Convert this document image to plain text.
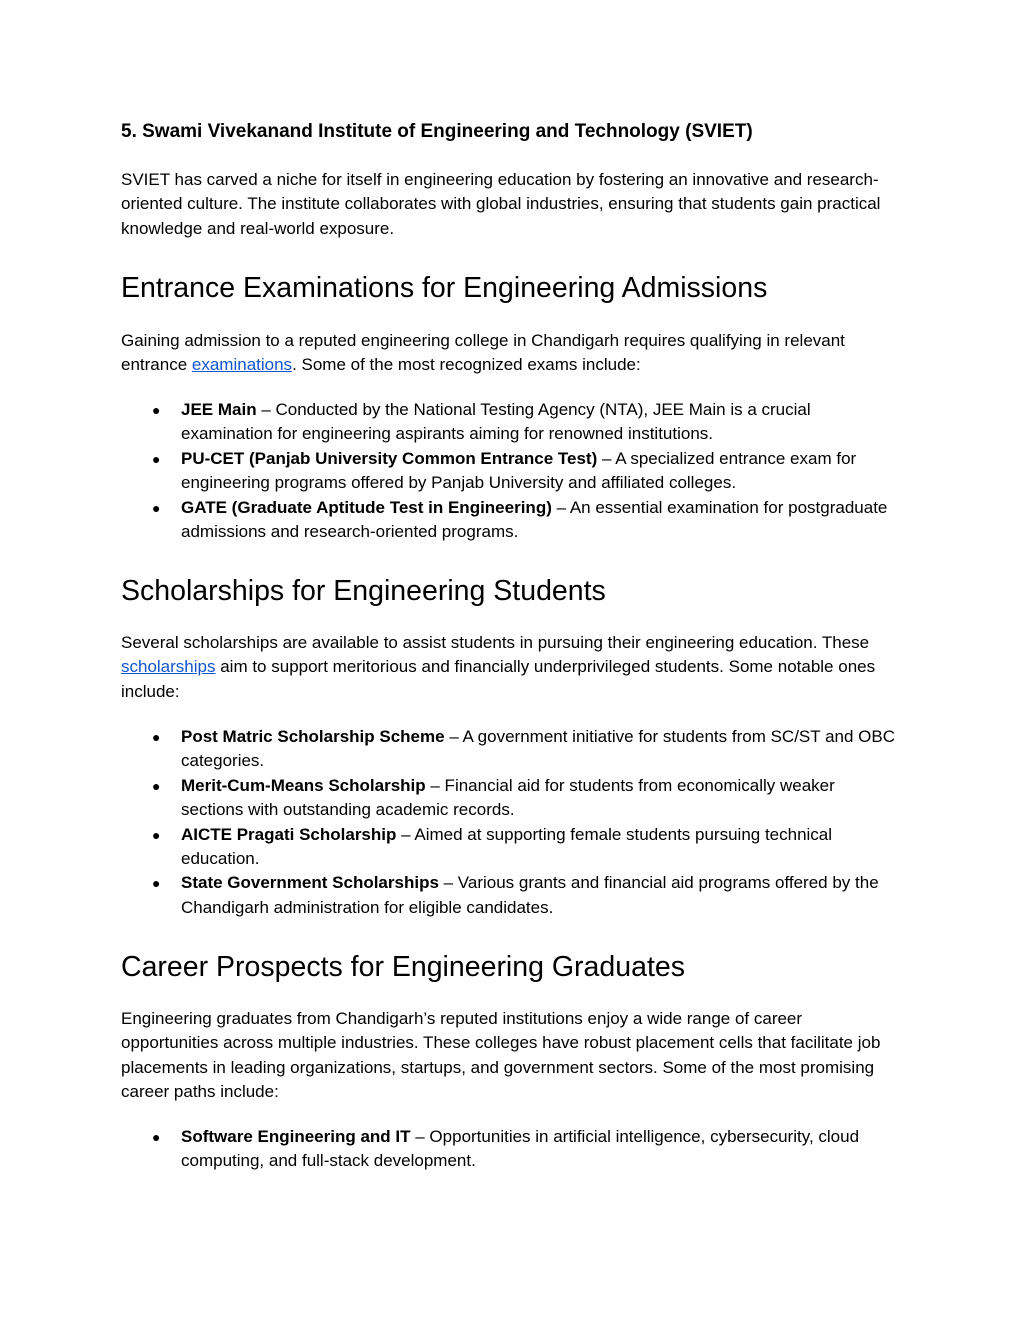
5. Swami Vivekanand Institute of Engineering and Technology (SVIET)

SVIET has carved a niche for itself in engineering education by fostering an innovative and research-oriented culture. The institute collaborates with global industries, ensuring that students gain practical knowledge and real-world exposure.

Entrance Examinations for Engineering Admissions

Gaining admission to a reputed engineering college in Chandigarh requires qualifying in relevant entrance examinations. Some of the most recognized exams include:

● JEE Main – Conducted by the National Testing Agency (NTA), JEE Main is a crucial examination for engineering aspirants aiming for renowned institutions.
● PU-CET (Panjab University Common Entrance Test) – A specialized entrance exam for engineering programs offered by Panjab University and affiliated colleges.
● GATE (Graduate Aptitude Test in Engineering) – An essential examination for postgraduate admissions and research-oriented programs.
Scholarships for Engineering Students

Several scholarships are available to assist students in pursuing their engineering education. These scholarships aim to support meritorious and financially underprivileged students. Some notable ones include:

● Post Matric Scholarship Scheme – A government initiative for students from SC/ST and OBC categories.
● Merit-Cum-Means Scholarship – Financial aid for students from economically weaker sections with outstanding academic records.
● AICTE Pragati Scholarship – Aimed at supporting female students pursuing technical education.
● State Government Scholarships – Various grants and financial aid programs offered by the Chandigarh administration for eligible candidates.
Career Prospects for Engineering Graduates

Engineering graduates from Chandigarh’s reputed institutions enjoy a wide range of career opportunities across multiple industries. These colleges have robust placement cells that facilitate job placements in leading organizations, startups, and government sectors. Some of the most promising career paths include:

● Software Engineering and IT – Opportunities in artificial intelligence, cybersecurity, cloud computing, and full-stack development.
